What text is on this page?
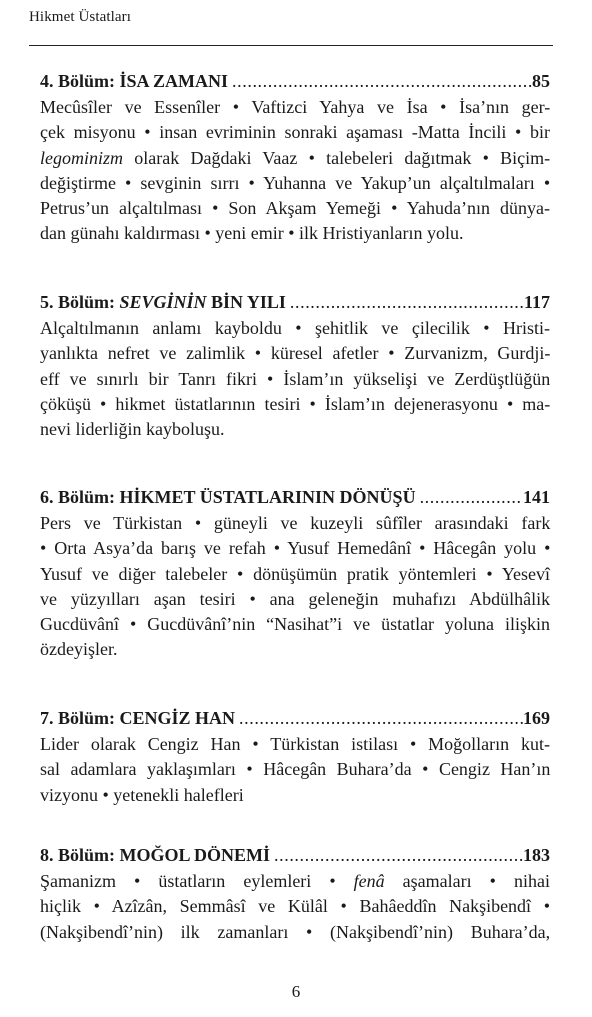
Hikmet Üstatları
4. Bölüm: İSA ZAMANI .....	85
Mecûsîler ve Essenîler • Vaftizci Yahya ve İsa • İsa’nın ger-
çek misyonu • insan evriminin sonraki aşaması -Matta İncili • bir
legominizm olarak Dağdaki Vaaz • talebeleri dağıtmak • Biçim-
değiştirme • sevginin sırrı • Yuhanna ve Yakup’un alçaltılmaları •
Petrus’un alçaltılması • Son Akşam Yemeği • Yahuda’nın dünya-
dan günahı kaldırması • yeni emir • ilk Hristiyanların yolu.
5. Bölüm: SEVGİNİN BİN YILI .....	117
Alçaltılmanın anlamı kayboldu • şehitlik ve çilecilik • Hristi-
yanlıkta nefret ve zalimlik • küresel afetler • Zurvanizm, Gurdji-
eff ve sınırlı bir Tanrı fikri • İslam’ın yükselişi ve Zerdüştlüğün
çöküşü • hikmet üstatlarının tesiri • İslam’ın dejenerasyonu • ma-
nevi liderliğin kayboluşu.
6. Bölüm: HİKMET ÜSTATLARININ DÖNÜŞÜ .....	141
Pers ve Türkistan • güneyli ve kuzeyli sûfîler arasındaki fark
• Orta Asya’da barış ve refah • Yusuf Hemedânî • Hâcegân yolu •
Yusuf ve diğer talebeler • dönüşümün pratik yöntemleri • Yesevî
ve yüzyılları aşan tesiri • ana geleneğin muhafızı Abdülhâlik
Gucdüvânî • Gucdüvânî’nin “Nasihat”i ve üstatlar yoluna ilişkin
özdeyişler.
7. Bölüm: CENGİZ HAN .....	169
Lider olarak Cengiz Han • Türkistan istilası • Moğolların kut-
sal adamlara yaklaşımları • Hâcegân Buhara’da • Cengiz Han’ın
vizyonu • yetenekli halefleri
8. Bölüm: MOĞOL DÖNEMİ .....	183
Şamanizm • üstatların eylemleri • fenâ aşamaları • nihai
hiçlik • Azîzân, Semmâsî ve Külâl • Bahâeddîn Nakşibendî •
(Nakşibendî’nin) ilk zamanları • (Nakşibendî’nin) Buhara’da,
6
